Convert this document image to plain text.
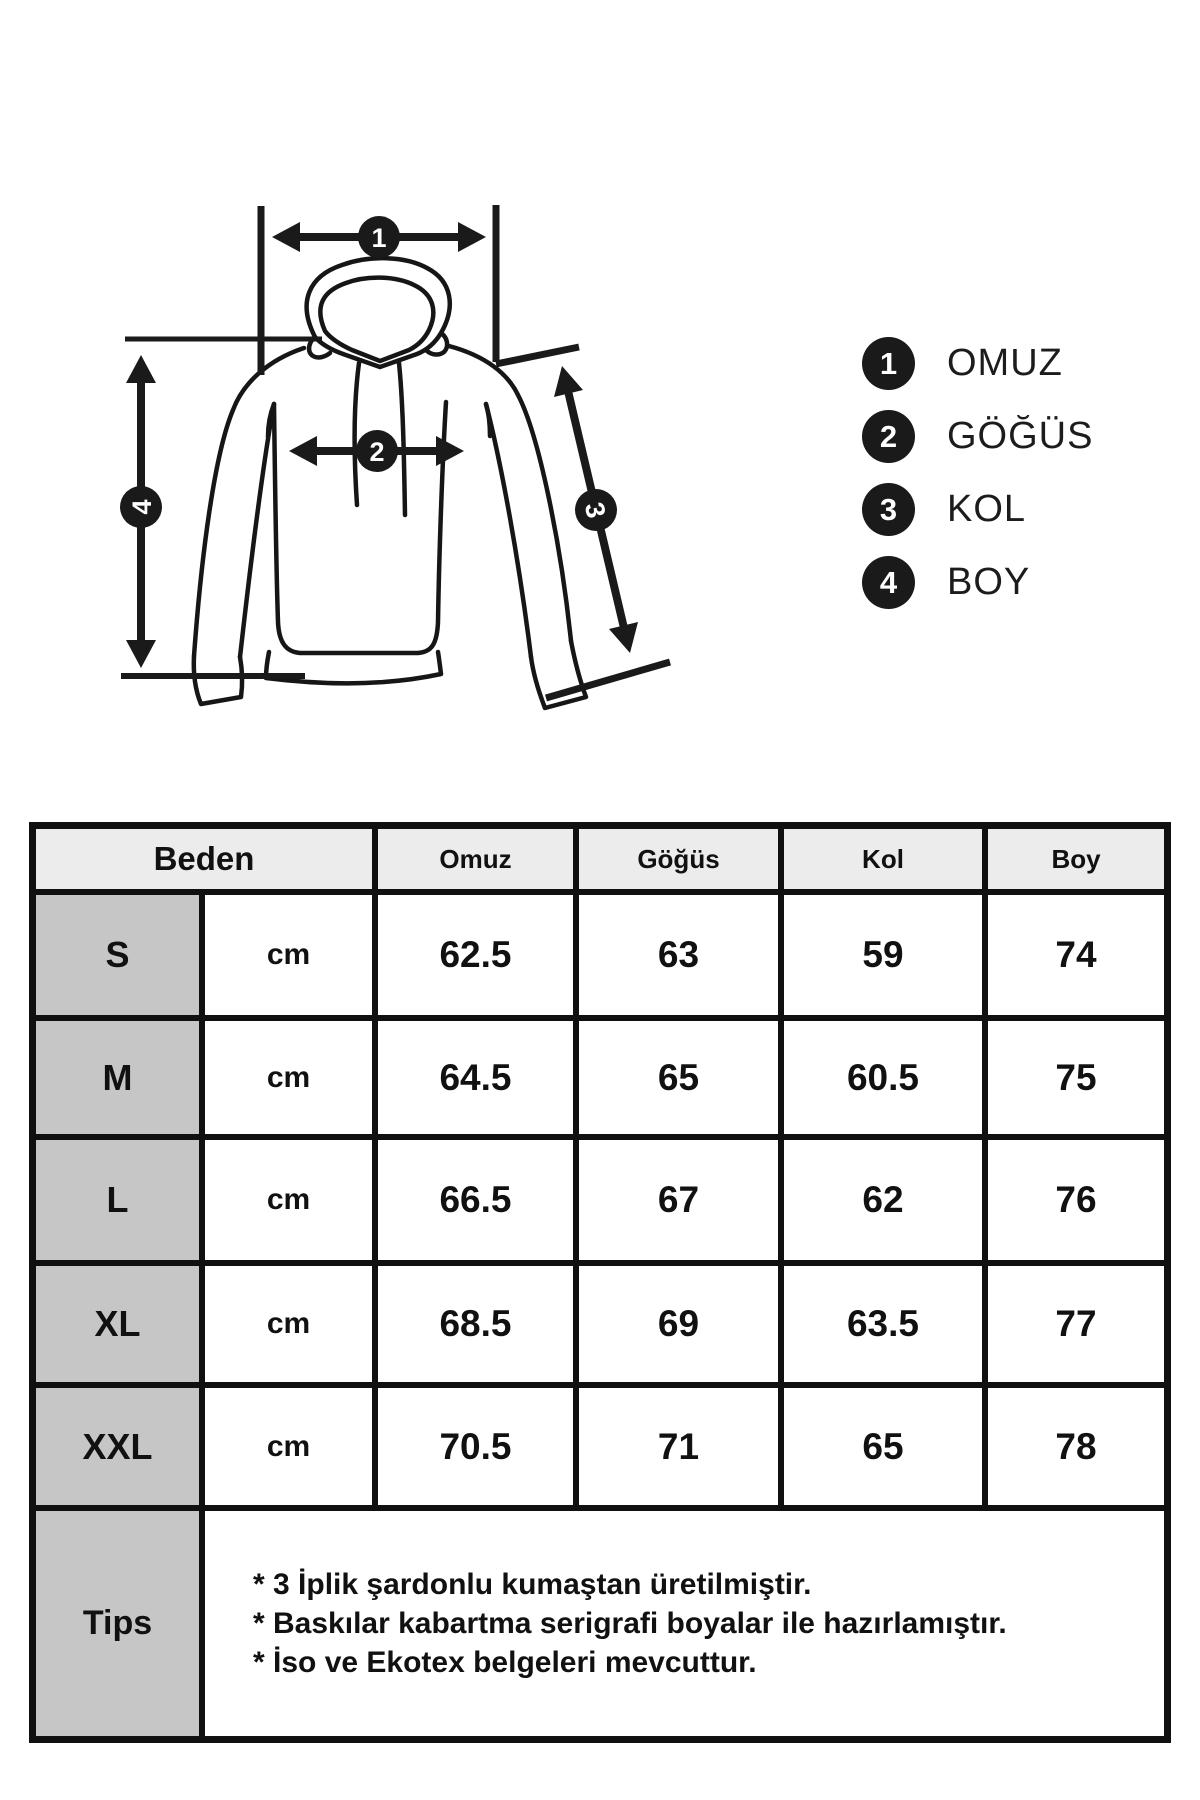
1
2
3
4
1	OMUZ
2	GÖĞÜS
3	KOL
4	BOY
Beden	Omuz	Göğüs	Kol	Boy
S	cm	62.5	63	59	74
M	cm	64.5	65	60.5	75
L	cm	66.5	67	62	76
XL	cm	68.5	69	63.5	77
XXL	cm	70.5	71	65	78
Tips
* 3 İplik şardonlu kumaştan üretilmiştir.
* Baskılar kabartma serigrafi boyalar ile hazırlamıştır.
* İso ve Ekotex belgeleri mevcuttur.
